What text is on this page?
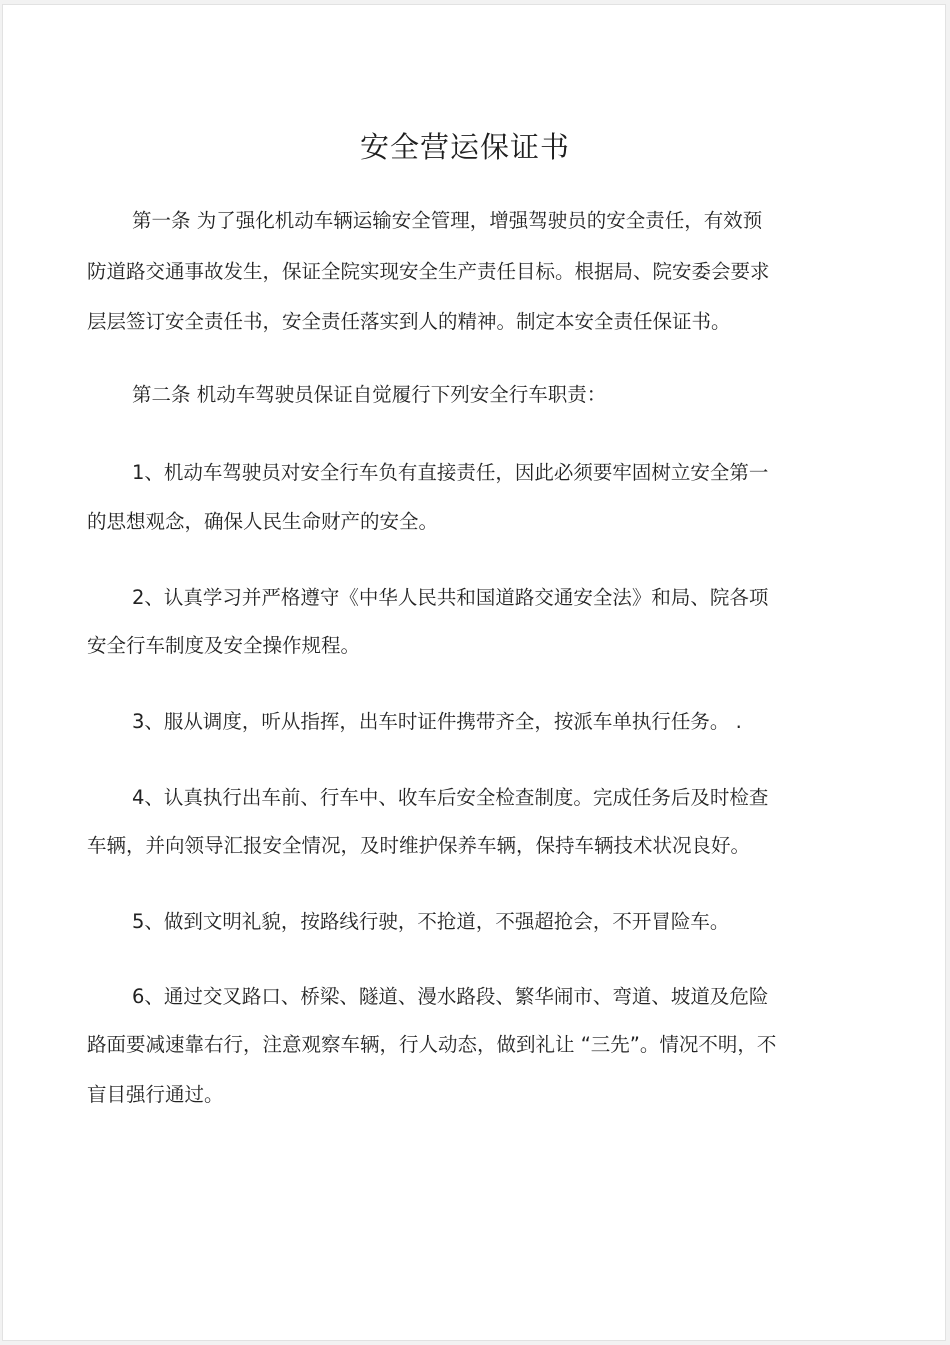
安全营运保证书

第一条 为了强化机动车辆运输安全管理，增强驾驶员的安全责任，有效预

防道路交通事故发生，保证全院实现安全生产责任目标。根据局、院安委会要求

层层签订安全责任书，安全责任落实到人的精神。制定本安全责任保证书。

第二条 机动车驾驶员保证自觉履行下列安全行车职责：

1、机动车驾驶员对安全行车负有直接责任，因此必须要牢固树立安全第一

的思想观念，确保人民生命财产的安全。

2、认真学习并严格遵守《中华人民共和国道路交通安全法》和局、院各项

安全行车制度及安全操作规程。

3、服从调度，听从指挥，出车时证件携带齐全，按派车单执行任务。 .

4、认真执行出车前、行车中、收车后安全检查制度。完成任务后及时检查

车辆，并向领导汇报安全情况，及时维护保养车辆，保持车辆技术状况良好。

5、做到文明礼貌，按路线行驶，不抢道，不强超抢会，不开冒险车。

6、通过交叉路口、桥梁、隧道、漫水路段、繁华闹市、弯道、坡道及危险

路面要减速靠右行，注意观察车辆，行人动态，做到礼让 “三先”。情况不明，不

盲目强行通过。
